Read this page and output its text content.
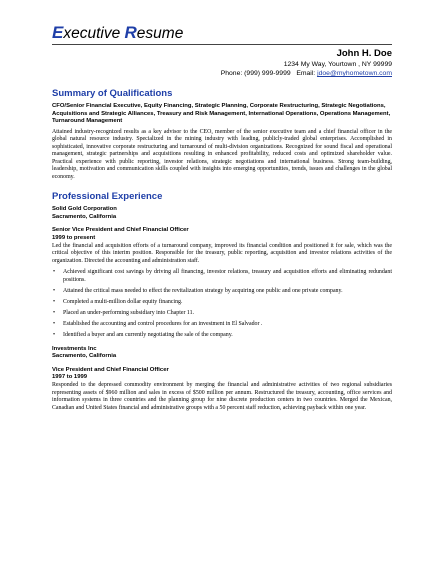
Executive Resume
John H. Doe
1234 My Way, Yourtown , NY 99999
Phone: (999) 999-9999 Email: jdoe@myhometown.com
Summary of Qualifications
CFO/Senior Financial Executive, Equity Financing, Strategic Planning, Corporate Restructuring, Strategic Negotiations, Acquisitions and Strategic Alliances, Treasury and Risk Management, International Operations, Operations Management, Turnaround Management
Attained industry-recognized results as a key advisor to the CEO, member of the senior executive team and a chief financial officer in the global natural resource industry. Specialized in the mining industry with leading, publicly-traded global enterprises. Accomplished in sophisticated, innovative corporate restructuring and turnaround of multi-division organizations. Recognized for sound fiscal and operational management, strategic partnerships and acquisitions resulting in enhanced profitability, reduced costs and optimized shareholder value. Practical experience with public reporting, investor relations, strategic negotiations and international business. Strong team-building, leadership, motivation and communication skills coupled with insights into emerging opportunities, trends, issues and challenges in the global economy.
Professional Experience
Solid Gold Corporation
Sacramento, California
Senior Vice President and Chief Financial Officer
1999 to present
Led the financial and acquisition efforts of a turnaround company, improved its financial condition and positioned it for sale, which was the critical objective of this interim position. Responsible for the treasury, public reporting, acquisition and investor relations activities of the organization. Directed the accounting and administration staff.
• Achieved significant cost savings by driving all financing, investor relations, treasury and acquisition efforts and eliminating redundant positions.
• Attained the critical mass needed to effect the revitalization strategy by acquiring one public and one private company.
• Completed a multi-million dollar equity financing.
• Placed an under-performing subsidiary into Chapter 11.
• Established the accounting and control procedures for an investment in El Salvador .
• Identified a buyer and am currently negotiating the sale of the company.
Investments Inc
Sacramento, California
Vice President and Chief Financial Officer
1997 to 1999
Responded to the depressed commodity environment by merging the financial and administrative activities of two regional subsidiaries representing assets of $960 million and sales in excess of $500 million per annum. Restructured the treasury, accounting, office services and information systems in three countries and the planning group for nine discrete production centers in two countries. Merged the Mexican, Canadian and United States financial and administrative groups with a 50 percent staff reduction, achieving payback within one year.
